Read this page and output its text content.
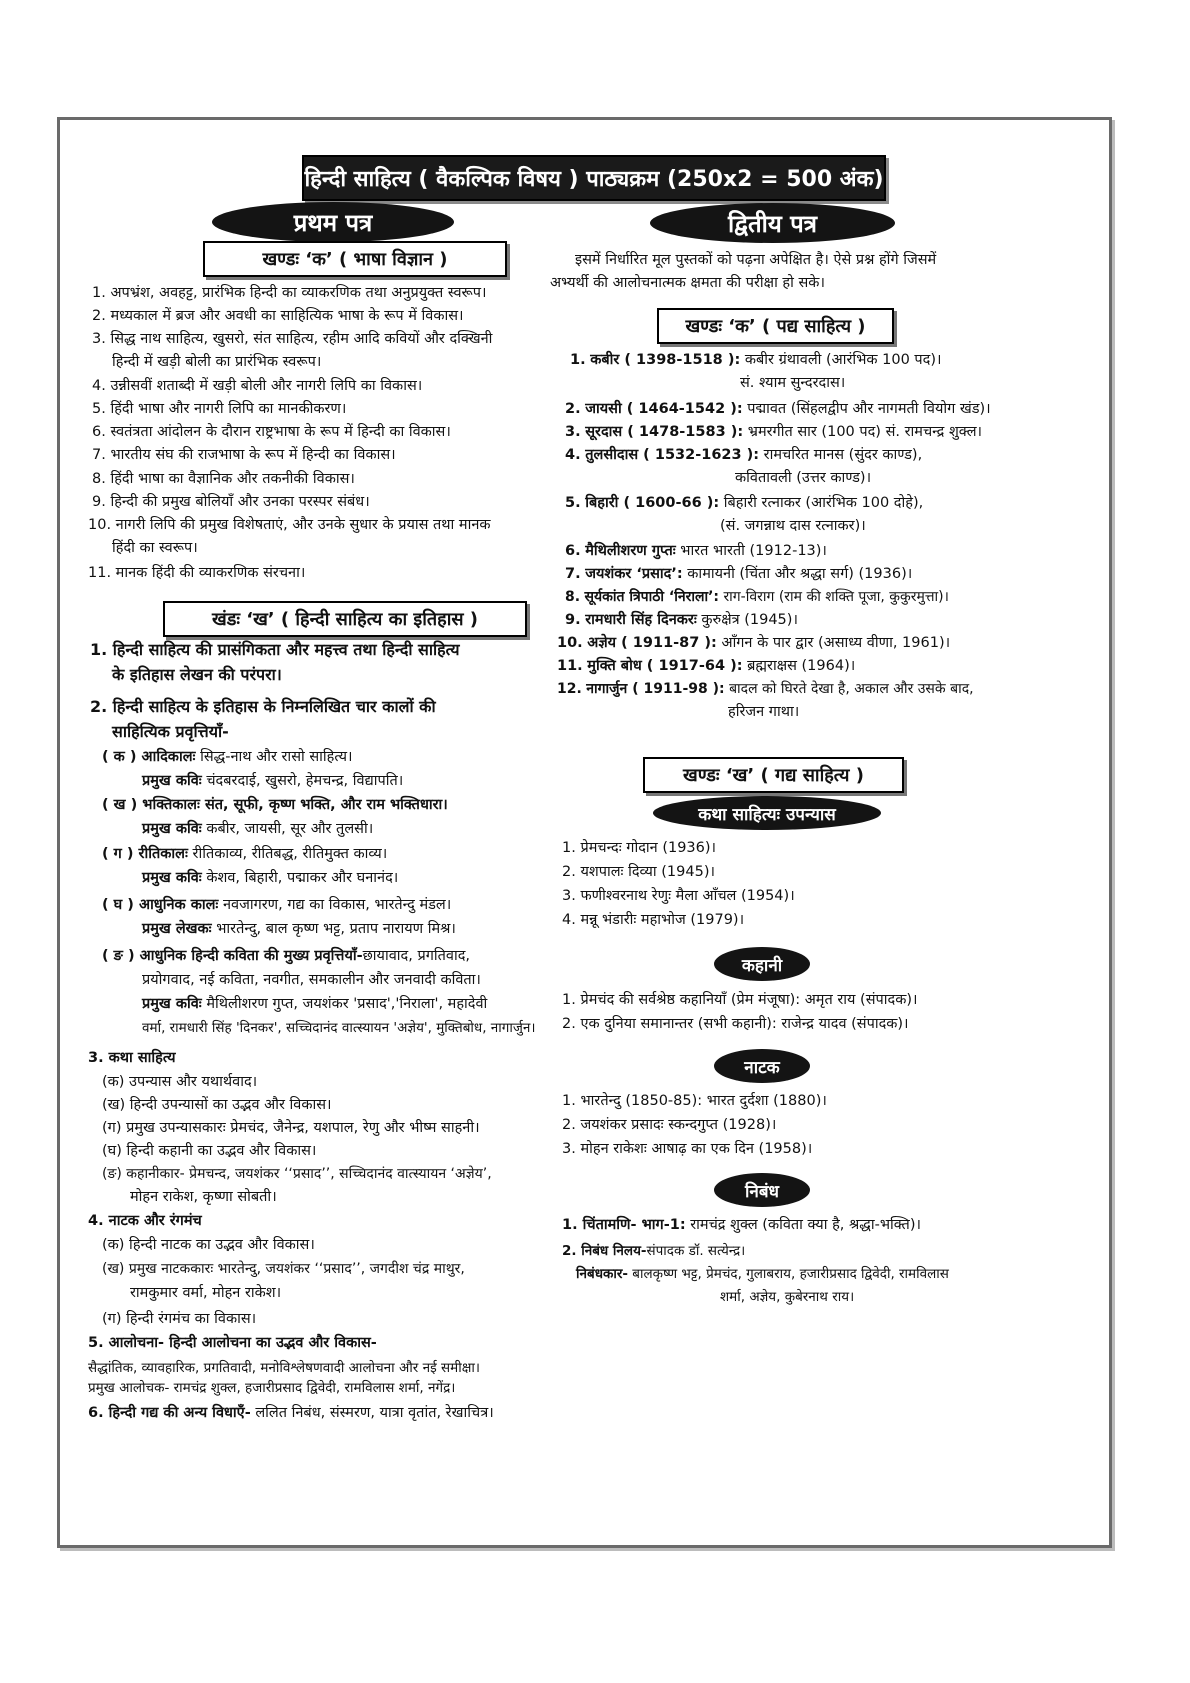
हिन्दी साहित्य ( वैकल्पिक विषय ) पाठ्यक्रम (250x2 = 500 अंक)
प्रथम पत्र
खण्डः ‘क’ ( भाषा विज्ञान )
1. अपभ्रंश, अवहट्ट, प्रारंभिक हिन्दी का व्याकरणिक तथा अनुप्रयुक्त स्वरूप।
2. मध्यकाल में ब्रज और अवधी का साहित्यिक भाषा के रूप में विकास।
3. सिद्ध नाथ साहित्य, खुसरो, संत साहित्य, रहीम आदि कवियों और दक्खिनी
हिन्दी में खड़ी बोली का प्रारंभिक स्वरूप।
4. उन्नीसवीं शताब्दी में खड़ी बोली और नागरी लिपि का विकास।
5. हिंदी भाषा और नागरी लिपि का मानकीकरण।
6. स्वतंत्रता आंदोलन के दौरान राष्ट्रभाषा के रूप में हिन्दी का विकास।
7. भारतीय संघ की राजभाषा के रूप में हिन्दी का विकास।
8. हिंदी भाषा का वैज्ञानिक और तकनीकी विकास।
9. हिन्दी की प्रमुख बोलियाँ और उनका परस्पर संबंध।
10. नागरी लिपि की प्रमुख विशेषताएं, और उनके सुधार के प्रयास तथा मानक
हिंदी का स्वरूप।
11. मानक हिंदी की व्याकरणिक संरचना।
खंडः ‘ख’ ( हिन्दी साहित्य का इतिहास )
1. हिन्दी साहित्य की प्रासंगिकता और महत्त्व तथा हिन्दी साहित्य
के इतिहास लेखन की परंपरा।
2. हिन्दी साहित्य के इतिहास के निम्नलिखित चार कालों की
साहित्यिक प्रवृत्तियाँ-
( क ) आदिकालः सिद्ध-नाथ और रासो साहित्य।
प्रमुख कविः चंदबरदाई, खुसरो, हेमचन्द्र, विद्यापति।
( ख ) भक्तिकालः संत, सूफी, कृष्ण भक्ति, और राम भक्तिधारा।
प्रमुख कविः कबीर, जायसी, सूर और तुलसी।
( ग ) रीतिकालः रीतिकाव्य, रीतिबद्ध, रीतिमुक्त काव्य।
प्रमुख कविः केशव, बिहारी, पद्माकर और घनानंद।
( घ ) आधुनिक कालः नवजागरण, गद्य का विकास, भारतेन्दु मंडल।
प्रमुख लेखकः भारतेन्दु, बाल कृष्ण भट्ट, प्रताप नारायण मिश्र।
( ङ ) आधुनिक हिन्दी कविता की मुख्य प्रवृत्तियाँ-छायावाद, प्रगतिवाद,
प्रयोगवाद, नई कविता, नवगीत, समकालीन और जनवादी कविता।
प्रमुख कविः मैथिलीशरण गुप्त, जयशंकर 'प्रसाद','निराला', महादेवी
वर्मा, रामधारी सिंह 'दिनकर', सच्चिदानंद वात्स्यायन 'अज्ञेय', मुक्तिबोध, नागार्जुन।
3. कथा साहित्य
(क) उपन्यास और यथार्थवाद।
(ख) हिन्दी उपन्यासों का उद्भव और विकास।
(ग) प्रमुख उपन्यासकारः प्रेमचंद, जैनेन्द्र, यशपाल, रेणु और भीष्म साहनी।
(घ) हिन्दी कहानी का उद्भव और विकास।
(ङ) कहानीकार- प्रेमचन्द, जयशंकर ‘‘प्रसाद’’, सच्चिदानंद वात्स्यायन ‘अज्ञेय’,
मोहन राकेश, कृष्णा सोबती।
4. नाटक और रंगमंच
(क) हिन्दी नाटक का उद्भव और विकास।
(ख) प्रमुख नाटककारः भारतेन्दु, जयशंकर ‘‘प्रसाद’’, जगदीश चंद्र माथुर,
रामकुमार वर्मा, मोहन राकेश।
(ग) हिन्दी रंगमंच का विकास।
5. आलोचना- हिन्दी आलोचना का उद्भव और विकास-
सैद्धांतिक, व्यावहारिक, प्रगतिवादी, मनोविश्लेषणवादी आलोचना और नई समीक्षा।
प्रमुख आलोचक- रामचंद्र शुक्ल, हजारीप्रसाद द्विवेदी, रामविलास शर्मा, नगेंद्र।
6. हिन्दी गद्य की अन्य विधाएँ- ललित निबंध, संस्मरण, यात्रा वृतांत, रेखाचित्र।
द्वितीय पत्र
इसमें निर्धारित मूल पुस्तकों को पढ़ना अपेक्षित है। ऐसे प्रश्न होंगे जिसमें
अभ्यर्थी की आलोचनात्मक क्षमता की परीक्षा हो सके।
खण्डः ‘क’ ( पद्य साहित्य )
1. कबीर ( 1398-1518 ): कबीर ग्रंथावली (आरंभिक 100 पद)।
सं. श्याम सुन्दरदास।
2. जायसी ( 1464-1542 ): पद्मावत (सिंहलद्वीप और नागमती वियोग खंड)।
3. सूरदास ( 1478-1583 ): भ्रमरगीत सार (100 पद) सं. रामचन्द्र शुक्ल।
4. तुलसीदास ( 1532-1623 ): रामचरित मानस (सुंदर काण्ड),
कवितावली (उत्तर काण्ड)।
5. बिहारी ( 1600-66 ): बिहारी रत्नाकर (आरंभिक 100 दोहे),
(सं. जगन्नाथ दास रत्नाकर)।
6. मैथिलीशरण गुप्तः भारत भारती (1912-13)।
7. जयशंकर ‘प्रसाद’: कामायनी (चिंता और श्रद्धा सर्ग) (1936)।
8. सूर्यकांत त्रिपाठी ‘निराला’: राग-विराग (राम की शक्ति पूजा, कुकुरमुत्ता)।
9. रामधारी सिंह दिनकरः कुरुक्षेत्र (1945)।
10. अज्ञेय ( 1911-87 ): आँगन के पार द्वार (असाध्य वीणा, 1961)।
11. मुक्ति बोध ( 1917-64 ): ब्रह्मराक्षस (1964)।
12. नागार्जुन ( 1911-98 ): बादल को घिरते देखा है, अकाल और उसके बाद,
हरिजन गाथा।
खण्डः ‘ख’ ( गद्य साहित्य )
कथा साहित्यः उपन्यास
1. प्रेमचन्दः गोदान (1936)।
2. यशपालः दिव्या (1945)।
3. फणीश्वरनाथ रेणुः मैला आँचल (1954)।
4. मन्नू भंडारीः महाभोज (1979)।
कहानी
1. प्रेमचंद की सर्वश्रेष्ठ कहानियाँ (प्रेम मंजूषा): अमृत राय (संपादक)।
2. एक दुनिया समानान्तर (सभी कहानी): राजेन्द्र यादव (संपादक)।
नाटक
1. भारतेन्दु (1850-85): भारत दुर्दशा (1880)।
2. जयशंकर प्रसादः स्कन्दगुप्त (1928)।
3. मोहन राकेशः आषाढ़ का एक दिन (1958)।
निबंध
1. चिंतामणि- भाग-1: रामचंद्र शुक्ल (कविता क्या है, श्रद्धा-भक्ति)।
2. निबंध निलय-संपादक डॉ. सत्येन्द्र।
निबंधकार- बालकृष्ण भट्ट, प्रेमचंद, गुलाबराय, हजारीप्रसाद द्विवेदी, रामविलास
शर्मा, अज्ञेय, कुबेरनाथ राय।
